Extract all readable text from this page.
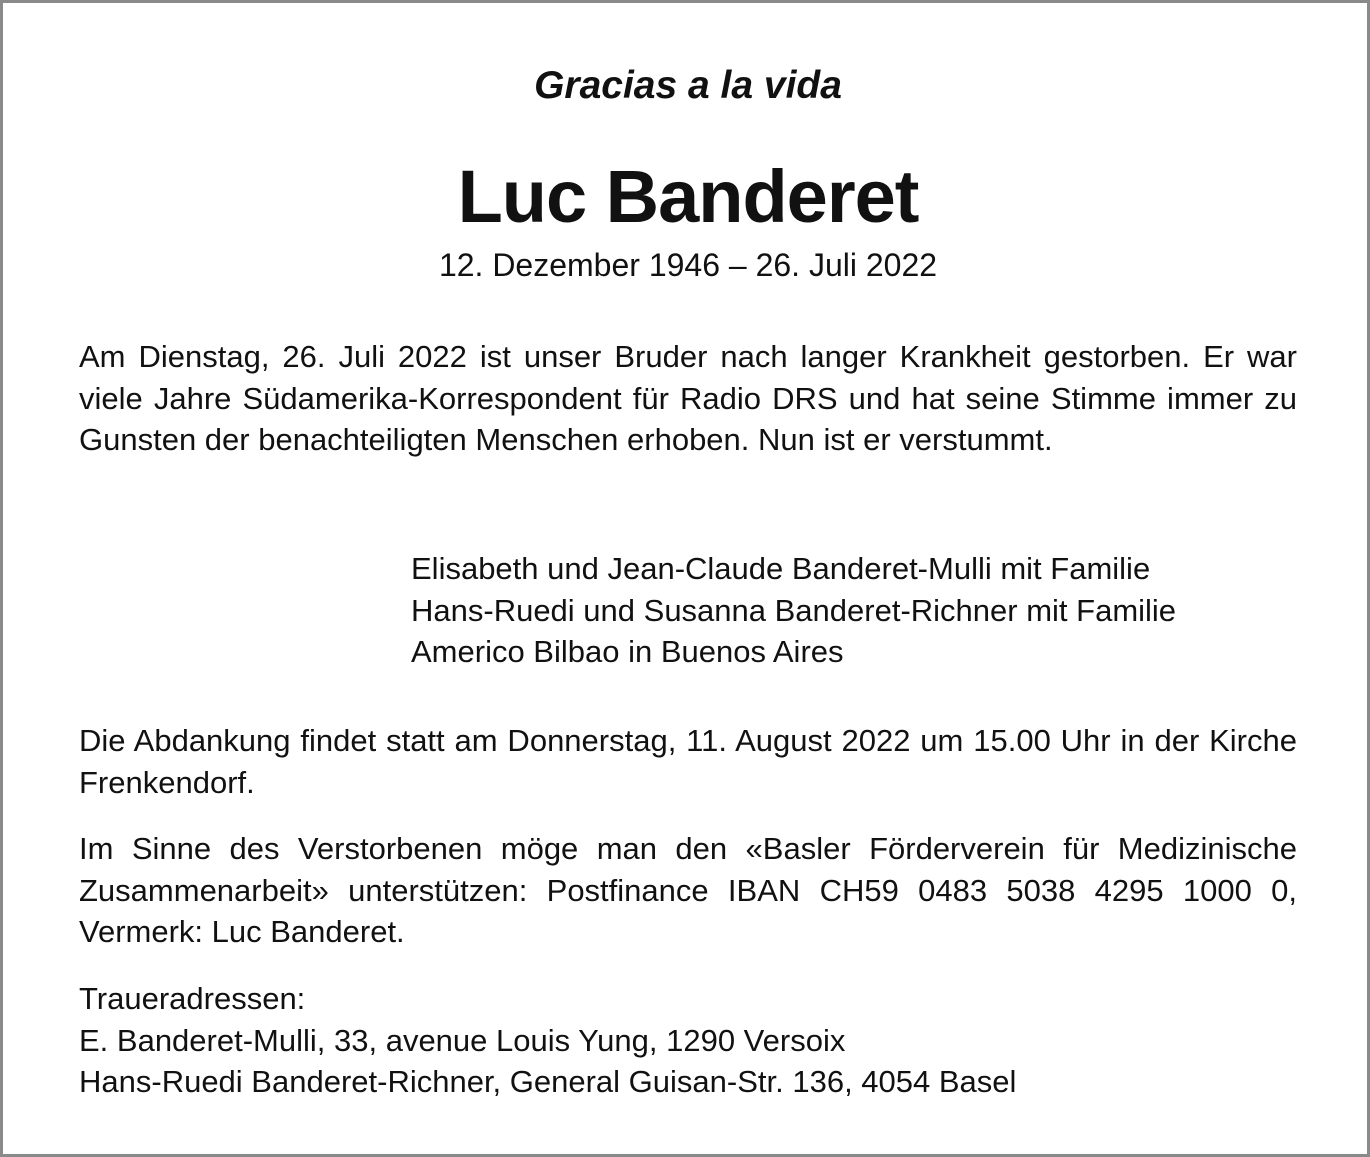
Gracias a la vida

Luc Banderet

12. Dezember 1946 – 26. Juli 2022

Am Dienstag, 26. Juli 2022 ist unser Bruder nach langer Krankheit gestorben. Er war viele Jahre Südamerika-Korrespondent für Radio DRS und hat seine Stimme immer zu Gunsten der benachteiligten Menschen erhoben. Nun ist er verstummt.

Elisabeth und Jean-Claude Banderet-Mulli mit Familie
Hans-Ruedi und Susanna Banderet-Richner mit Familie
Americo Bilbao in Buenos Aires

Die Abdankung findet statt am Donnerstag, 11. August 2022 um 15.00 Uhr in der Kirche Frenkendorf.

Im Sinne des Verstorbenen möge man den «Basler Förderverein für Medizinische Zusammenarbeit» unterstützen: Postfinance IBAN CH59 0483 5038 4295 1000 0, Vermerk: Luc Banderet.

Traueradressen:
E. Banderet-Mulli, 33, avenue Louis Yung, 1290 Versoix
Hans-Ruedi Banderet-Richner, General Guisan-Str. 136, 4054 Basel
